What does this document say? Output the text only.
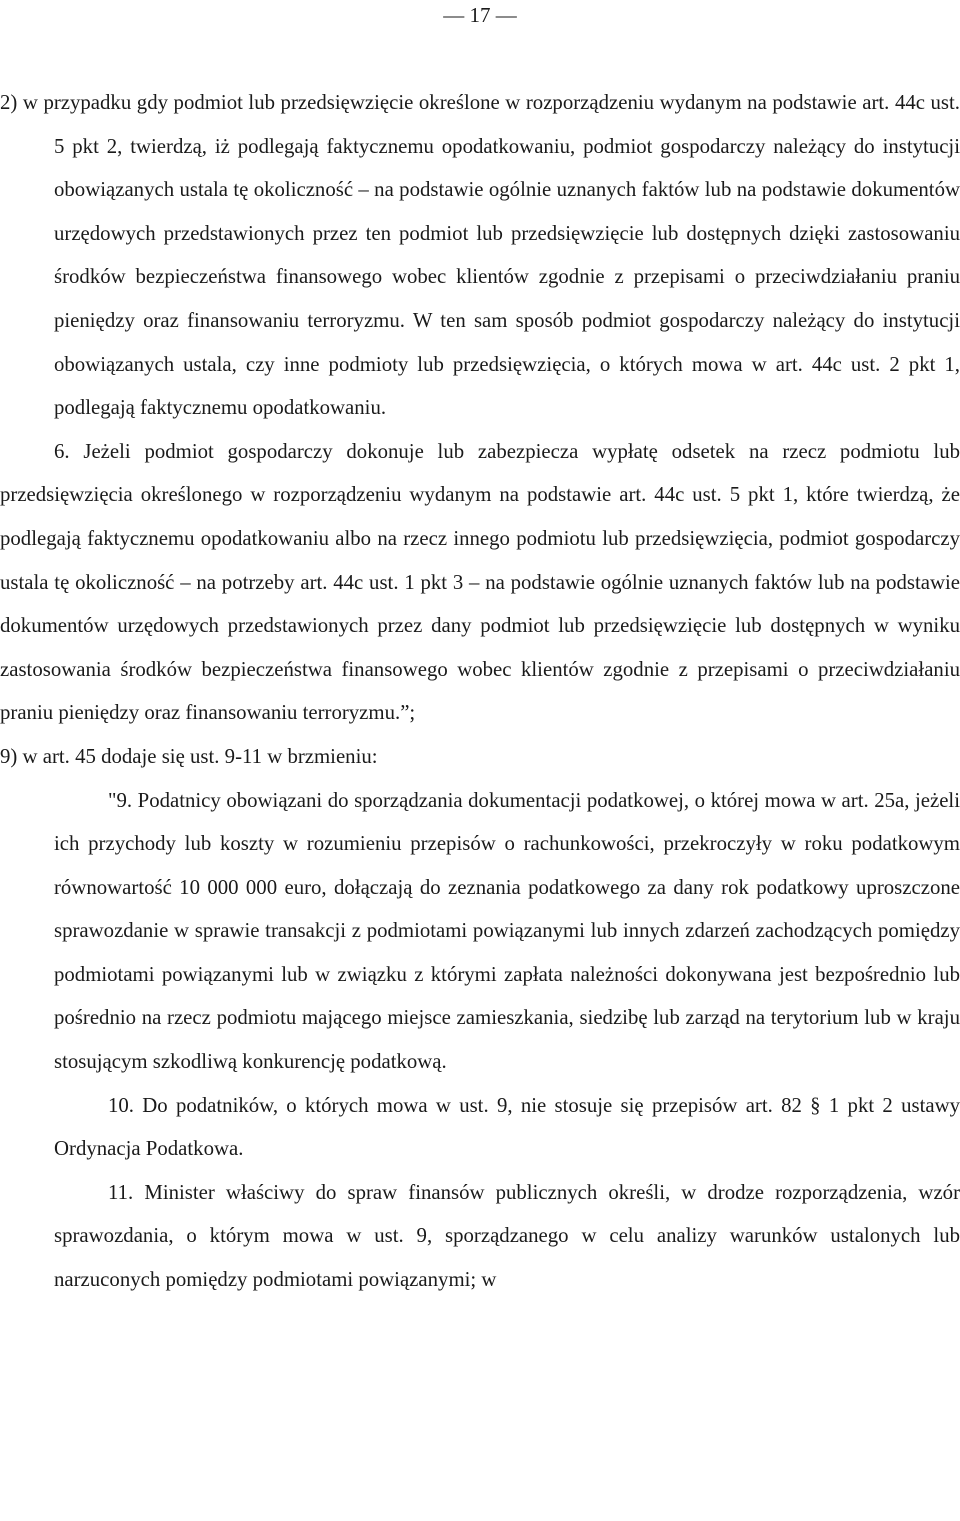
— 17 —

2) w przypadku gdy podmiot lub przedsięwzięcie określone w rozporządzeniu wydanym na podstawie art. 44c ust. 5 pkt 2, twierdzą, iż podlegają faktycznemu opodatkowaniu, podmiot gospodarczy należący do instytucji obowiązanych ustala tę okoliczność – na podstawie ogólnie uznanych faktów lub na podstawie dokumentów urzędowych przedstawionych przez ten podmiot lub przedsięwzięcie lub dostępnych dzięki zastosowaniu środków bezpieczeństwa finansowego wobec klientów zgodnie z przepisami o przeciwdziałaniu praniu pieniędzy oraz finansowaniu terroryzmu. W ten sam sposób podmiot gospodarczy należący do instytucji obowiązanych ustala, czy inne podmioty lub przedsięwzięcia, o których mowa w art. 44c ust. 2 pkt 1, podlegają faktycznemu opodatkowaniu.

6. Jeżeli podmiot gospodarczy dokonuje lub zabezpiecza wypłatę odsetek na rzecz podmiotu lub przedsięwzięcia określonego w rozporządzeniu wydanym na podstawie art. 44c ust. 5 pkt 1, które twierdzą, że podlegają faktycznemu opodatkowaniu albo na rzecz innego podmiotu lub przedsięwzięcia, podmiot gospodarczy ustala tę okoliczność – na potrzeby art. 44c ust. 1 pkt 3 – na podstawie ogólnie uznanych faktów lub na podstawie dokumentów urzędowych przedstawionych przez dany podmiot lub przedsięwzięcie lub dostępnych w wyniku zastosowania środków bezpieczeństwa finansowego wobec klientów zgodnie z przepisami o przeciwdziałaniu praniu pieniędzy oraz finansowaniu terroryzmu.”;

9) w art. 45 dodaje się ust. 9-11 w brzmieniu:

"9. Podatnicy obowiązani do sporządzania dokumentacji podatkowej, o której mowa w art. 25a, jeżeli ich przychody lub koszty w rozumieniu przepisów o rachunkowości, przekroczyły w roku podatkowym równowartość 10 000 000 euro, dołączają do zeznania podatkowego za dany rok podatkowy uproszczone sprawozdanie w sprawie transakcji z podmiotami powiązanymi lub innych zdarzeń zachodzących pomiędzy podmiotami powiązanymi lub w związku z którymi zapłata należności dokonywana jest bezpośrednio lub pośrednio na rzecz podmiotu mającego miejsce zamieszkania, siedzibę lub zarząd na terytorium lub w kraju stosującym szkodliwą konkurencję podatkową.

10. Do podatników, o których mowa w ust. 9, nie stosuje się przepisów art. 82 § 1 pkt 2 ustawy Ordynacja Podatkowa.

11. Minister właściwy do spraw finansów publicznych określi, w drodze rozporządzenia, wzór sprawozdania, o którym mowa w ust. 9, sporządzanego w celu analizy warunków ustalonych lub narzuconych pomiędzy podmiotami powiązanymi; w
